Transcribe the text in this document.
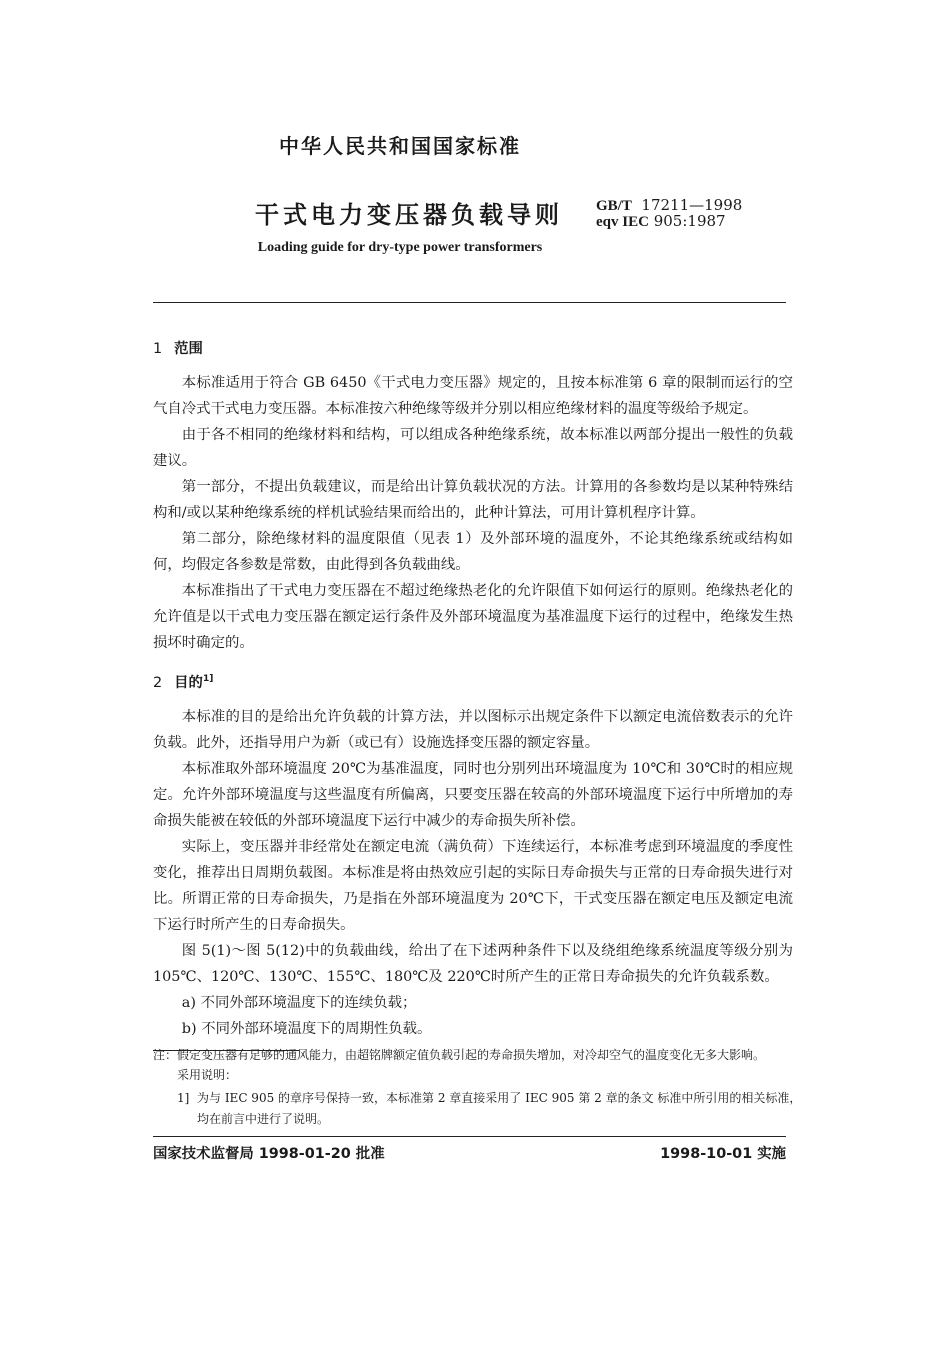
中华人民共和国国家标准
干式电力变压器负载导则 GB/T 17211—1998
eqv IEC 905:1987
Loading guide for dry-type power transformers
1 范围

本标准适用于符合 GB 6450《干式电力变压器》规定的，且按本标准第 6 章的限制而运行的空气自冷式干式电力变压器。本标准按六种绝缘等级并分别以相应绝缘材料的温度等级给予规定。

由于各不相同的绝缘材料和结构，可以组成各种绝缘系统，故本标准以两部分提出一般性的负载建议。

第一部分，不提出负载建议，而是给出计算负载状况的方法。计算用的各参数均是以某种特殊结构和/或以某种绝缘系统的样机试验结果而给出的，此种计算法，可用计算机程序计算。

第二部分，除绝缘材料的温度限值（见表 1）及外部环境的温度外，不论其绝缘系统或结构如何，均假定各参数是常数，由此得到各负载曲线。

本标准指出了干式电力变压器在不超过绝缘热老化的允许限值下如何运行的原则。绝缘热老化的允许值是以干式电力变压器在额定运行条件及外部环境温度为基准温度下运行的过程中，绝缘发生热损坏时确定的。

2 目的$^{1]}$

本标准的目的是给出允许负载的计算方法，并以图标示出规定条件下以额定电流倍数表示的允许负载。此外，还指导用户为新（或已有）设施选择变压器的额定容量。

本标准取外部环境温度 20℃为基准温度，同时也分别列出环境温度为 10℃和 30℃时的相应规定。允许外部环境温度与这些温度有所偏离，只要变压器在较高的外部环境温度下运行中所增加的寿命损失能被在较低的外部环境温度下运行中减少的寿命损失所补偿。

实际上，变压器并非经常处在额定电流（满负荷）下连续运行，本标准考虑到环境温度的季度性变化，推荐出日周期负载图。本标准是将由热效应引起的实际日寿命损失与正常的日寿命损失进行对比。所谓正常的日寿命损失，乃是指在外部环境温度为 20℃下，干式变压器在额定电压及额定电流下运行时所产生的日寿命损失。

图 5(1)～图 5(12)中的负载曲线，给出了在下述两种条件下以及绕组绝缘系统温度等级分别为 105℃、120℃、130℃、155℃、180℃及 220℃时所产生的正常日寿命损失的允许负载系数。

a) 不同外部环境温度下的连续负载；

b) 不同外部环境温度下的周期性负载。

注：假定变压器有足够的通风能力，由超铭牌额定值负载引起的寿命损失增加，对冷却空气的温度变化无多大影响。

采用说明：
1] 为与 IEC 905 的章序号保持一致，本标准第 2 章直接采用了 IEC 905 第 2 章的条文 标准中所引用的相关标准，均在前言中进行了说明。
国家技术监督局 1998-01-20 批准	1998-10-01 实施
